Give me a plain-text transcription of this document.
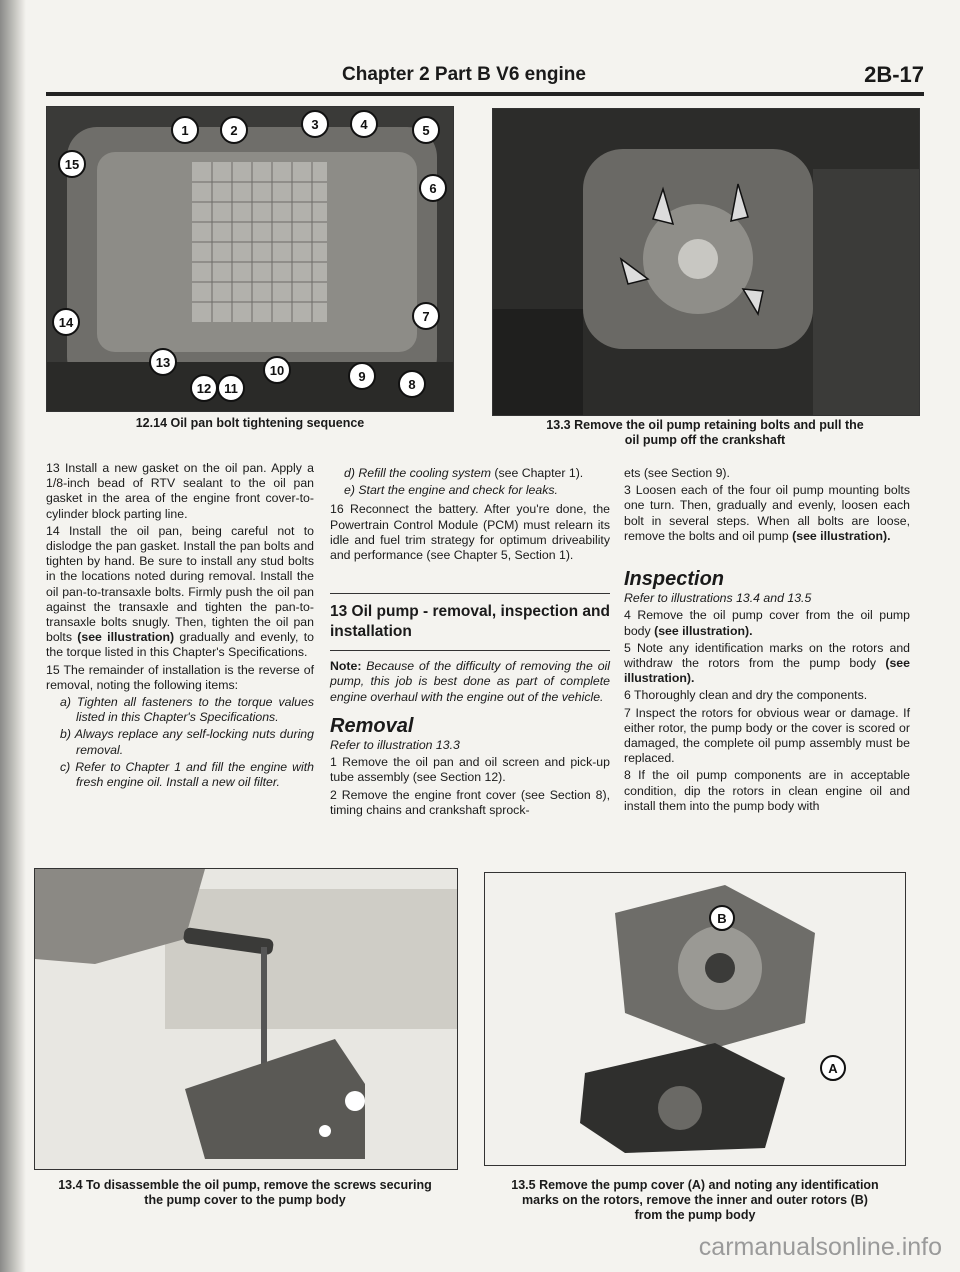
Chapter 2 Part B V6 engine	2B-17
1	2	3	4	5
6
7
8
9
10
11
12
13
14
15
12.14 Oil pan bolt tightening sequence	13.3 Remove the oil pump retaining bolts and pull the
oil pump off the crankshaft

13 Install a new gasket on the oil pan. Apply a 1/8-inch bead of RTV sealant to the oil pan gasket in the area of the engine front cover-to-cylinder block parting line.

14 Install the oil pan, being careful not to dislodge the pan gasket. Install the pan bolts and tighten by hand. Be sure to install any stud bolts in the locations noted during removal. Install the oil pan-to-transaxle bolts. Firmly push the oil pan against the transaxle and tighten the pan-to-transaxle bolts snugly. Then, tighten the oil pan bolts (see illustration) gradually and evenly, to the torque listed in this Chapter's Specifications.

15 The remainder of installation is the reverse of removal, noting the following items:

a) Tighten all fasteners to the torque values listed in this Chapter's Specifications.

b) Always replace any self-locking nuts during removal.

c) Refer to Chapter 1 and fill the engine with fresh engine oil. Install a new oil filter.

d) Refill the cooling system (see Chapter 1).

e) Start the engine and check for leaks.

16 Reconnect the battery. After you're done, the Powertrain Control Module (PCM) must relearn its idle and fuel trim strategy for optimum driveability and performance (see Chapter 5, Section 1).

13 Oil pump - removal, inspection and installation

Note: Because of the difficulty of removing the oil pump, this job is best done as part of complete engine overhaul with the engine out of the vehicle.

Removal

Refer to illustration 13.3

1 Remove the oil pan and oil screen and pick-up tube assembly (see Section 12).

2 Remove the engine front cover (see Section 8), timing chains and crankshaft sprock-

ets (see Section 9).

3 Loosen each of the four oil pump mounting bolts one turn. Then, gradually and evenly, loosen each bolt in several steps. When all bolts are loose, remove the bolts and oil pump (see illustration).

Inspection

Refer to illustrations 13.4 and 13.5

4 Remove the oil pump cover from the oil pump body (see illustration).

5 Note any identification marks on the rotors and withdraw the rotors from the pump body (see illustration).

6 Thoroughly clean and dry the components.

7 Inspect the rotors for obvious wear or damage. If either rotor, the pump body or the cover is scored or damaged, the complete oil pump assembly must be replaced.

8 If the oil pump components are in acceptable condition, dip the rotors in clean engine oil and install them into the pump body with

13.4 To disassemble the oil pump, remove the screws securing
the pump cover to the pump body
B
A
13.5 Remove the pump cover (A) and noting any identification
marks on the rotors, remove the inner and outer rotors (B)
from the pump body
carmanualsonline.info
